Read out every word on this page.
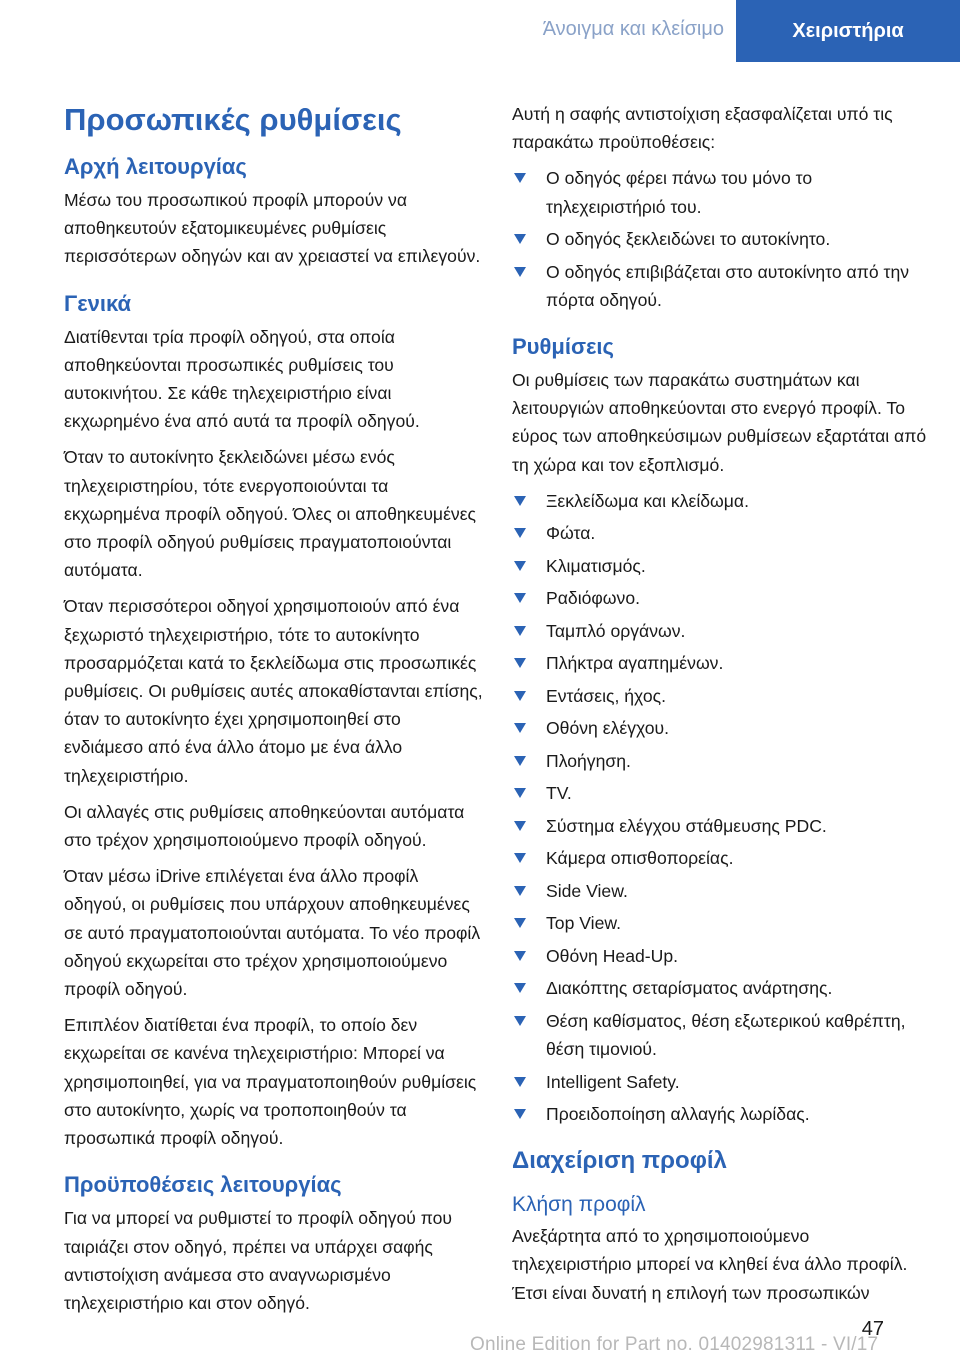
Άνοιγμα και κλείσιμο	Χειριστήρια
Προσωπικές ρυθμίσεις
Αρχή λειτουργίας

Μέσω του προσωπικού προφίλ μπορούν να αποθηκευτούν εξατομικευμένες ρυθμίσεις περισσότερων οδηγών και αν χρειαστεί να επιλεγούν.

Γενικά

Διατίθενται τρία προφίλ οδηγού, στα οποία αποθηκεύονται προσωπικές ρυθμίσεις του αυτοκινήτου. Σε κάθε τηλεχειριστήριο είναι εκχωρημένο ένα από αυτά τα προφίλ οδηγού.

Όταν το αυτοκίνητο ξεκλειδώνει μέσω ενός τηλεχειριστηρίου, τότε ενεργοποιούνται τα εκχωρημένα προφίλ οδηγού. Όλες οι αποθηκευμένες στο προφίλ οδηγού ρυθμίσεις πραγματοποιούνται αυτόματα.

Όταν περισσότεροι οδηγοί χρησιμοποιούν από ένα ξεχωριστό τηλεχειριστήριο, τότε το αυτοκίνητο προσαρμόζεται κατά το ξεκλείδωμα στις προσωπικές ρυθμίσεις. Οι ρυθμίσεις αυτές αποκαθίστανται επίσης, όταν το αυτοκίνητο έχει χρησιμοποιηθεί στο ενδιάμεσο από ένα άλλο άτομο με ένα άλλο τηλεχειριστήριο.

Οι αλλαγές στις ρυθμίσεις αποθηκεύονται αυτόματα στο τρέχον χρησιμοποιούμενο προφίλ οδηγού.

Όταν μέσω iDrive επιλέγεται ένα άλλο προφίλ οδηγού, οι ρυθμίσεις που υπάρχουν αποθηκευμένες σε αυτό πραγματοποιούνται αυτόματα. Το νέο προφίλ οδηγού εκχωρείται στο τρέχον χρησιμοποιούμενο προφίλ οδηγού.

Επιπλέον διατίθεται ένα προφίλ, το οποίο δεν εκχωρείται σε κανένα τηλεχειριστήριο: Μπορεί να χρησιμοποιηθεί, για να πραγματοποιηθούν ρυθμίσεις στο αυτοκίνητο, χωρίς να τροποποιηθούν τα προσωπικά προφίλ οδηγού.

Προϋποθέσεις λειτουργίας

Για να μπορεί να ρυθμιστεί το προφίλ οδηγού που ταιριάζει στον οδηγό, πρέπει να υπάρχει σαφής αντιστοίχιση ανάμεσα στο αναγνωρισμένο τηλεχειριστήριο και στον οδηγό.

Αυτή η σαφής αντιστοίχιση εξασφαλίζεται υπό τις παρακάτω προϋποθέσεις:

Ο οδηγός φέρει πάνω του μόνο το τηλεχειριστήριό του.
Ο οδηγός ξεκλειδώνει το αυτοκίνητο.
Ο οδηγός επιβιβάζεται στο αυτοκίνητο από την πόρτα οδηγού.
Ρυθμίσεις

Οι ρυθμίσεις των παρακάτω συστημάτων και λειτουργιών αποθηκεύονται στο ενεργό προφίλ. Το εύρος των αποθηκεύσιμων ρυθμίσεων εξαρτάται από τη χώρα και τον εξοπλισμό.

Ξεκλείδωμα και κλείδωμα.
Φώτα.
Κλιματισμός.
Ραδιόφωνο.
Ταμπλό οργάνων.
Πλήκτρα αγαπημένων.
Εντάσεις, ήχος.
Οθόνη ελέγχου.
Πλοήγηση.
TV.
Σύστημα ελέγχου στάθμευσης PDC.
Κάμερα οπισθοπορείας.
Side View.
Top View.
Οθόνη Head-Up.
Διακόπτης σεταρίσματος ανάρτησης.
Θέση καθίσματος, θέση εξωτερικού καθρέπτη, θέση τιμονιού.
Intelligent Safety.
Προειδοποίηση αλλαγής λωρίδας.
Διαχείριση προφίλ
Κλήση προφίλ

Ανεξάρτητα από το χρησιμοποιούμενο τηλεχειριστήριο μπορεί να κληθεί ένα άλλο προφίλ. Έτσι είναι δυνατή η επιλογή των προσωπικών

47
Online Edition for Part no. 01402981311 - VI/17
